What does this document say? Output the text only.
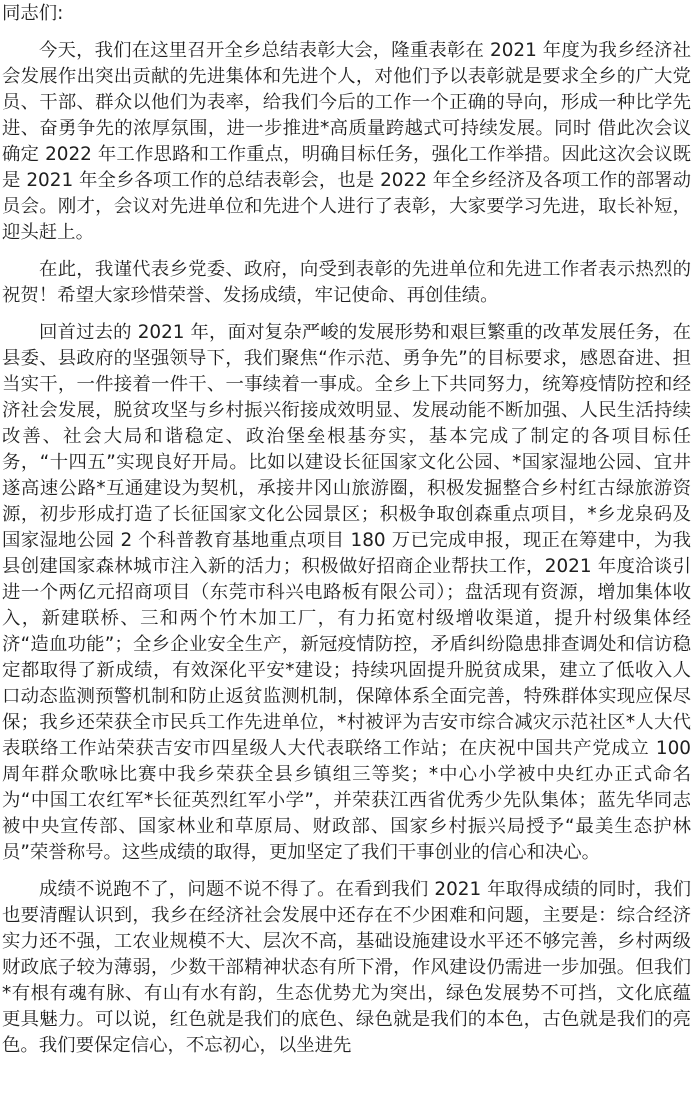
同志们:

今天，我们在这里召开全乡总结表彰大会，隆重表彰在 2021 年度为我乡经济社会发展作出突出贡献的先进集体和先进个人，对他们予以表彰就是要求全乡的广大党员、干部、群众以他们为表率，给我们今后的工作一个正确的导向，形成一种比学先进、奋勇争先的浓厚氛围，进一步推进*高质量跨越式可持续发展。同时 借此次会议确定 2022 年工作思路和工作重点，明确目标任务，强化工作举措。因此这次会议既是 2021 年全乡各项工作的总结表彰会，也是 2022 年全乡经济及各项工作的部署动员会。刚才，会议对先进单位和先进个人进行了表彰，大家要学习先进，取长补短，迎头赶上。

在此，我谨代表乡党委、政府，向受到表彰的先进单位和先进工作者表示热烈的祝贺！希望大家珍惜荣誉、发扬成绩，牢记使命、再创佳绩。

回首过去的 2021 年，面对复杂严峻的发展形势和艰巨繁重的改革发展任务，在县委、县政府的坚强领导下，我们聚焦“作示范、勇争先”的目标要求，感恩奋进、担当实干，一件接着一件干、一事续着一事成。全乡上下共同努力，统筹疫情防控和经济社会发展，脱贫攻坚与乡村振兴衔接成效明显、发展动能不断加强、人民生活持续改善、社会大局和谐稳定、政治堡垒根基夯实，基本完成了制定的各项目标任务，“十四五”实现良好开局。比如以建设长征国家文化公园、*国家湿地公园、宜井遂高速公路*互通建设为契机，承接井冈山旅游圈，积极发掘整合乡村红古绿旅游资源，初步形成打造了长征国家文化公园景区；积极争取创森重点项目，*乡龙泉码及国家湿地公园 2 个科普教育基地重点项目 180 万已完成申报，现正在筹建中，为我县创建国家森林城市注入新的活力；积极做好招商企业帮扶工作，2021 年度洽谈引进一个两亿元招商项目（东莞市科兴电路板有限公司）；盘活现有资源，增加集体收入，新建联桥、三和两个竹木加工厂，有力拓宽村级增收渠道，提升村级集体经济“造血功能”；全乡企业安全生产，新冠疫情防控，矛盾纠纷隐患排查调处和信访稳定都取得了新成绩，有效深化平安*建设；持续巩固提升脱贫成果，建立了低收入人口动态监测预警机制和防止返贫监测机制，保障体系全面完善，特殊群体实现应保尽保；我乡还荣获全市民兵工作先进单位，*村被评为吉安市综合减灾示范社区*人大代表联络工作站荣获吉安市四星级人大代表联络工作站；在庆祝中国共产党成立 100 周年群众歌咏比赛中我乡荣获全县乡镇组三等奖；*中心小学被中央红办正式命名为“中国工农红军*长征英烈红军小学”，并荣获江西省优秀少先队集体；蓝先华同志被中央宣传部、国家林业和草原局、财政部、国家乡村振兴局授予“最美生态护林员”荣誉称号。这些成绩的取得，更加坚定了我们干事创业的信心和决心。

成绩不说跑不了，问题不说不得了。在看到我们 2021 年取得成绩的同时，我们也要清醒认识到，我乡在经济社会发展中还存在不少困难和问题，主要是：综合经济实力还不强，工农业规模不大、层次不高，基础设施建设水平还不够完善，乡村两级财政底子较为薄弱，少数干部精神状态有所下滑，作风建设仍需进一步加强。但我们*有根有魂有脉、有山有水有韵，生态优势尤为突出，绿色发展势不可挡，文化底蕴更具魅力。可以说，红色就是我们的底色、绿色就是我们的本色，古色就是我们的亮色。我们要保定信心，不忘初心，以坐进先
